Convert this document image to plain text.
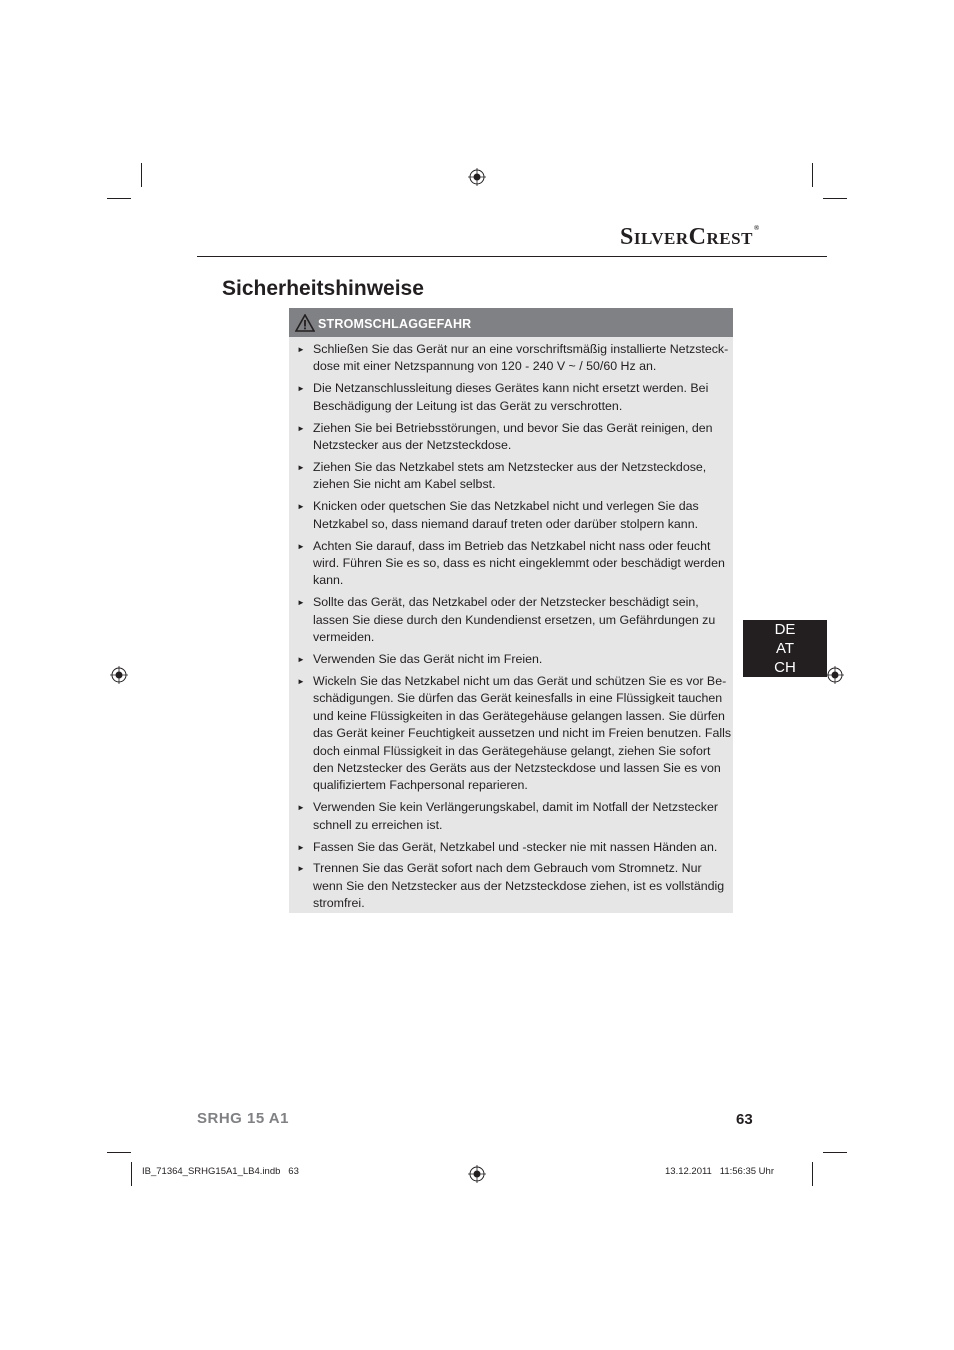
SILVERCREST®
Sicherheitshinweise
STROMSCHLAGGEFAHR
► Schließen Sie das Gerät nur an eine vorschriftsmäßig installierte Netzsteck-
dose mit einer Netzspannung von 120 - 240 V ~ / 50/60 Hz an.
► Die Netzanschlussleitung dieses Gerätes kann nicht ersetzt werden. Bei
Beschädigung der Leitung ist das Gerät zu verschrotten.
► Ziehen Sie bei Betriebsstörungen, und bevor Sie das Gerät reinigen, den
Netzstecker aus der Netzsteckdose.
► Ziehen Sie das Netzkabel stets am Netzstecker aus der Netzsteckdose,
ziehen Sie nicht am Kabel selbst.
► Knicken oder quetschen Sie das Netzkabel nicht und verlegen Sie das
Netzkabel so, dass niemand darauf treten oder darüber stolpern kann.
► Achten Sie darauf, dass im Betrieb das Netzkabel nicht nass oder feucht
wird. Führen Sie es so, dass es nicht eingeklemmt oder beschädigt werden
kann.
► Sollte das Gerät, das Netzkabel oder der Netzstecker beschädigt sein,
lassen Sie diese durch den Kundendienst ersetzen, um Gefährdungen zu
vermeiden.
► Verwenden Sie das Gerät nicht im Freien.
► Wickeln Sie das Netzkabel nicht um das Gerät und schützen Sie es vor Be-
schädigungen. Sie dürfen das Gerät keinesfalls in eine Flüssigkeit tauchen
und keine Flüssigkeiten in das Gerätegehäuse gelangen lassen. Sie dürfen
das Gerät keiner Feuchtigkeit aussetzen und nicht im Freien benutzen. Falls
doch einmal Flüssigkeit in das Gerätegehäuse gelangt, ziehen Sie sofort
den Netzstecker des Geräts aus der Netzsteckdose und lassen Sie es von
qualifiziertem Fachpersonal reparieren.
► Verwenden Sie kein Verlängerungskabel, damit im Notfall der Netzstecker
schnell zu erreichen ist.
► Fassen Sie das Gerät, Netzkabel und -stecker nie mit nassen Händen an.
► Trennen Sie das Gerät sofort nach dem Gebrauch vom Stromnetz. Nur
wenn Sie den Netzstecker aus der Netzsteckdose ziehen, ist es vollständig
stromfrei.
DE
AT
CH
SRHG 15 A1	63
IB_71364_SRHG15A1_LB4.indb   63	13.12.2011   11:56:35 Uhr
